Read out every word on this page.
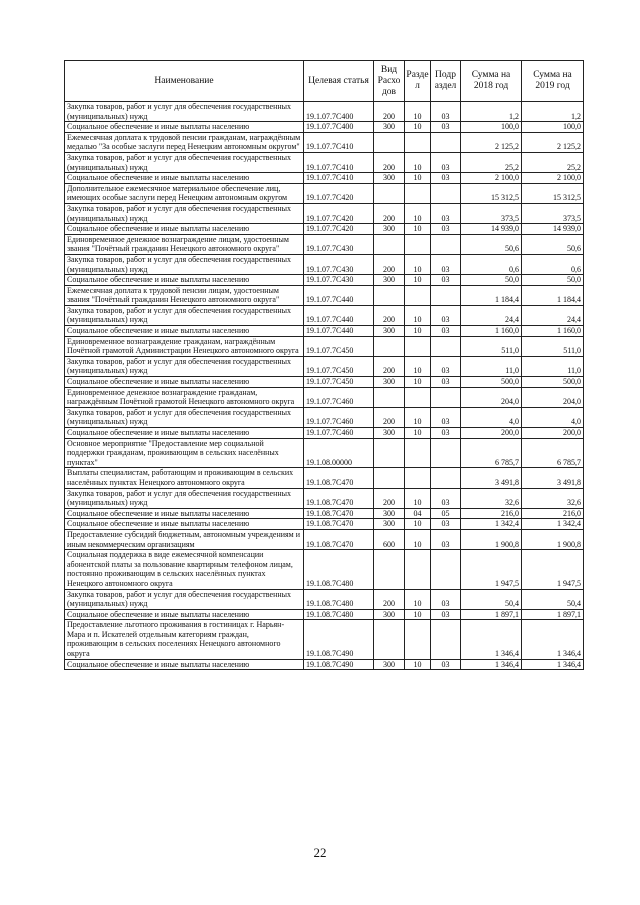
Наименование	Целевая статья	Вид Расхо дов	Разде л	Подр аздел	Сумма на 2018 год	Сумма на 2019 год
Закупка товаров, работ и услуг для обеспечения государственных (муниципальных) нужд	19.1.07.7С400	200	10	03	1,2	1,2
Социальное обеспечение и иные выплаты населению	19.1.07.7С400	300	10	03	100,0	100,0
Ежемесячная доплата к трудовой пенсии гражданам, награждённым медалью "За особые заслуги перед Ненецким автономным округом"	19.1.07.7С410				2 125,2	2 125,2
Закупка товаров, работ и услуг для обеспечения государственных (муниципальных) нужд	19.1.07.7С410	200	10	03	25,2	25,2
Социальное обеспечение и иные выплаты населению	19.1.07.7С410	300	10	03	2 100,0	2 100,0
Дополнительное ежемесячное материальное обеспечение лиц, имеющих особые заслуги перед Ненецким автономным округом	19.1.07.7С420				15 312,5	15 312,5
Закупка товаров, работ и услуг для обеспечения государственных (муниципальных) нужд	19.1.07.7С420	200	10	03	373,5	373,5
Социальное обеспечение и иные выплаты населению	19.1.07.7С420	300	10	03	14 939,0	14 939,0
Единовременное денежное вознаграждение лицам, удостоенным звания "Почётный гражданин Ненецкого автономного округа"	19.1.07.7С430				50,6	50,6
Закупка товаров, работ и услуг для обеспечения государственных (муниципальных) нужд	19.1.07.7С430	200	10	03	0,6	0,6
Социальное обеспечение и иные выплаты населению	19.1.07.7С430	300	10	03	50,0	50,0
Ежемесячная доплата к трудовой пенсии лицам, удостоенным звания "Почётный гражданин Ненецкого автономного округа"	19.1.07.7С440				1 184,4	1 184,4
Закупка товаров, работ и услуг для обеспечения государственных (муниципальных) нужд	19.1.07.7С440	200	10	03	24,4	24,4
Социальное обеспечение и иные выплаты населению	19.1.07.7С440	300	10	03	1 160,0	1 160,0
Единовременное вознаграждение гражданам, награждённым Почётной грамотой Администрации Ненецкого автономного округа	19.1.07.7С450				511,0	511,0
Закупка товаров, работ и услуг для обеспечения государственных (муниципальных) нужд	19.1.07.7С450	200	10	03	11,0	11,0
Социальное обеспечение и иные выплаты населению	19.1.07.7С450	300	10	03	500,0	500,0
Единовременное денежное вознаграждение гражданам, награждённым Почётной грамотой Ненецкого автономного округа	19.1.07.7С460				204,0	204,0
Закупка товаров, работ и услуг для обеспечения государственных (муниципальных) нужд	19.1.07.7С460	200	10	03	4,0	4,0
Социальное обеспечение и иные выплаты населению	19.1.07.7С460	300	10	03	200,0	200,0
Основное мероприятие "Предоставление мер социальной поддержки гражданам, проживающим в сельских населённых пунктах"	19.1.08.00000				6 785,7	6 785,7
Выплаты специалистам, работающим и проживающим в сельских населённых пунктах Ненецкого автономного округа	19.1.08.7С470				3 491,8	3 491,8
Закупка товаров, работ и услуг для обеспечения государственных (муниципальных) нужд	19.1.08.7С470	200	10	03	32,6	32,6
Социальное обеспечение и иные выплаты населению	19.1.08.7С470	300	04	05	216,0	216,0
Социальное обеспечение и иные выплаты населению	19.1.08.7С470	300	10	03	1 342,4	1 342,4
Предоставление субсидий бюджетным, автономным учреждениям и иным некоммерческим организациям	19.1.08.7С470	600	10	03	1 900,8	1 900,8
Социальная поддержка в виде ежемесячной компенсации абонентской платы за пользование квартирным телефоном лицам, постоянно проживающим в сельских населённых пунктах Ненецкого автономного округа	19.1.08.7С480				1 947,5	1 947,5
Закупка товаров, работ и услуг для обеспечения государственных (муниципальных) нужд	19.1.08.7С480	200	10	03	50,4	50,4
Социальное обеспечение и иные выплаты населению	19.1.08.7С480	300	10	03	1 897,1	1 897,1
Предоставление льготного проживания в гостиницах г. Нарьян-Мара и п. Искателей отдельным категориям граждан, проживающим в сельских поселениях Ненецкого автономного округа	19.1.08.7С490				1 346,4	1 346,4
Социальное обеспечение и иные выплаты населению	19.1.08.7С490	300	10	03	1 346,4	1 346,4
22
